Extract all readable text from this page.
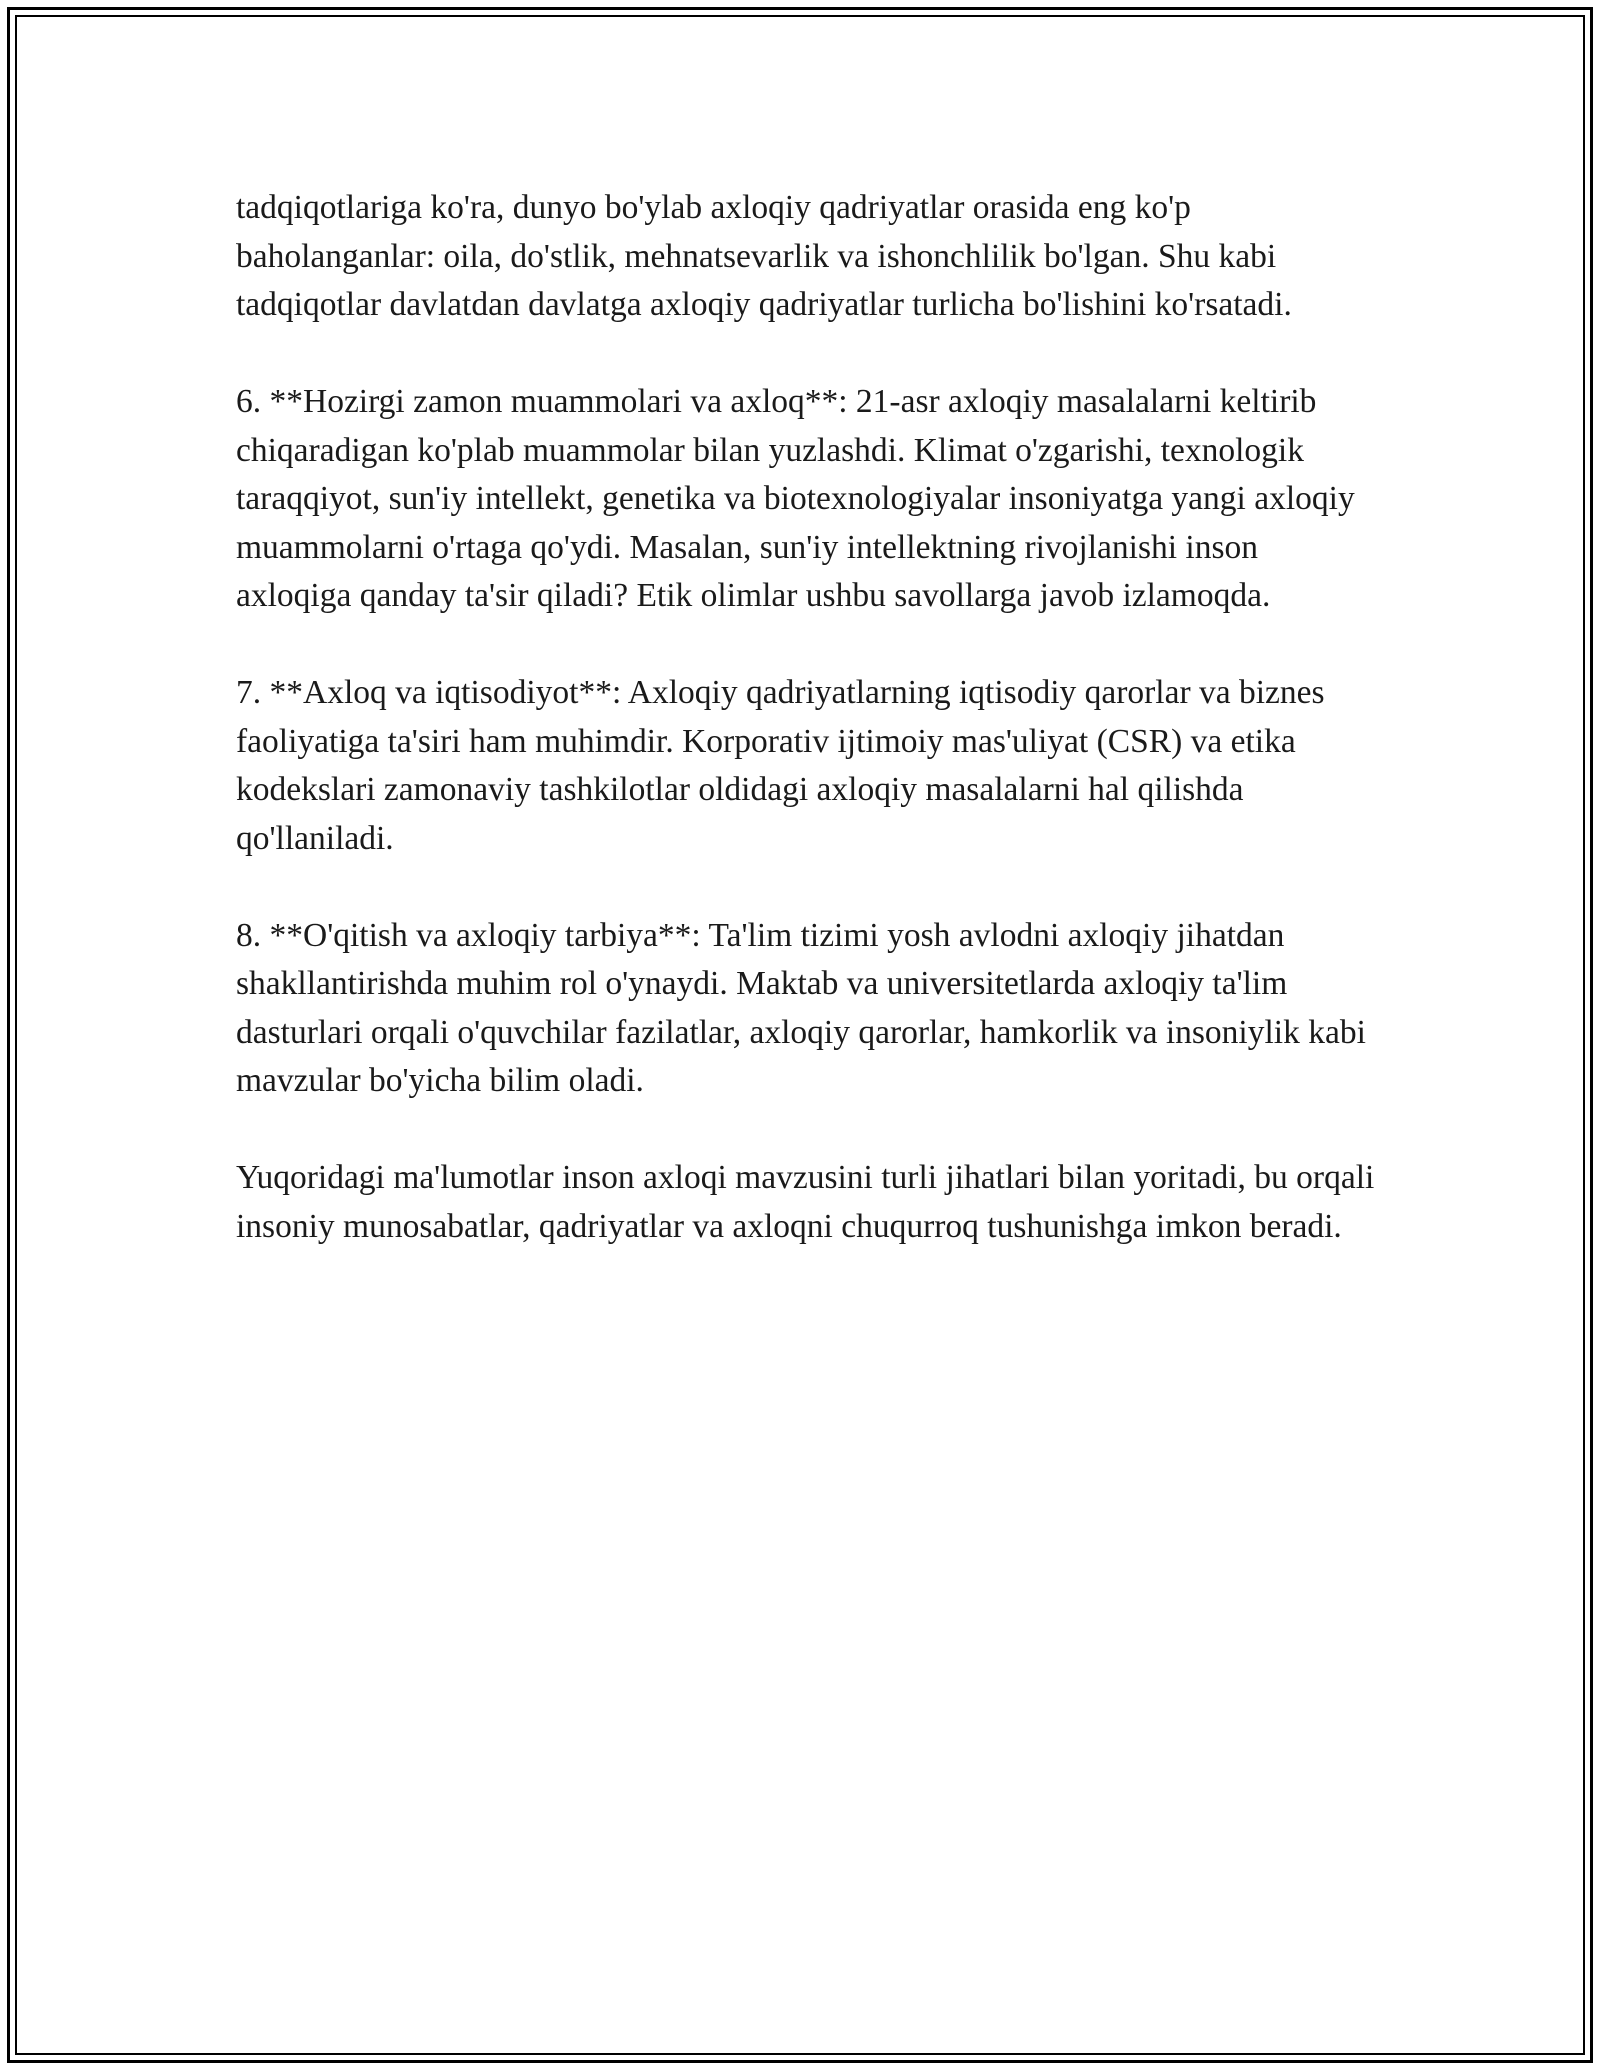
tadqiqotlariga ko'ra, dunyo bo'ylab axloqiy qadriyatlar orasida eng ko'p baholanganlar: oila, do'stlik, mehnatsevarlik va ishonchlilik bo'lgan. Shu kabi tadqiqotlar davlatdan davlatga axloqiy qadriyatlar turlicha bo'lishini ko'rsatadi.

6. **Hozirgi zamon muammolari va axloq**: 21-asr axloqiy masalalarni keltirib chiqaradigan ko'plab muammolar bilan yuzlashdi. Klimat o'zgarishi, texnologik taraqqiyot, sun'iy intellekt, genetika va biotexnologiyalar insoniyatga yangi axloqiy muammolarni o'rtaga qo'ydi. Masalan, sun'iy intellektning rivojlanishi inson axloqiga qanday ta'sir qiladi? Etik olimlar ushbu savollarga javob izlamoqda.

7. **Axloq va iqtisodiyot**: Axloqiy qadriyatlarning iqtisodiy qarorlar va biznes faoliyatiga ta'siri ham muhimdir. Korporativ ijtimoiy mas'uliyat (CSR) va etika kodekslari zamonaviy tashkilotlar oldidagi axloqiy masalalarni hal qilishda qo'llaniladi.

8. **O'qitish va axloqiy tarbiya**: Ta'lim tizimi yosh avlodni axloqiy jihatdan shakllantirishda muhim rol o'ynaydi. Maktab va universitetlarda axloqiy ta'lim dasturlari orqali o'quvchilar fazilatlar, axloqiy qarorlar, hamkorlik va insoniylik kabi mavzular bo'yicha bilim oladi.

Yuqoridagi ma'lumotlar inson axloqi mavzusini turli jihatlari bilan yoritadi, bu orqali insoniy munosabatlar, qadriyatlar va axloqni chuqurroq tushunishga imkon beradi.
